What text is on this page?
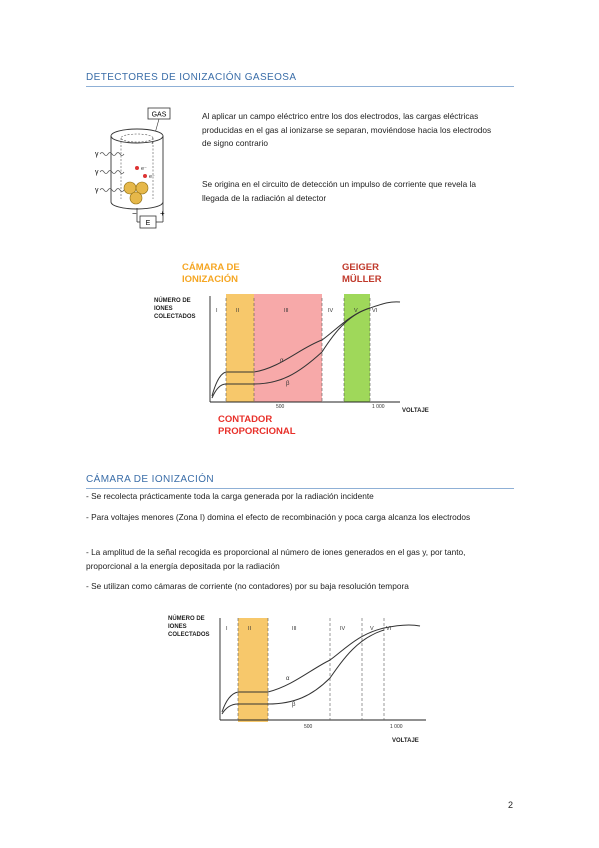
DETECTORES DE IONIZACIÓN GASEOSA
GAS
γ
γ
γ
e⁻
e⁻
E
−	+
Al aplicar un campo eléctrico entre los dos electrodos, las cargas eléctricas producidas en el gas al ionizarse se separan, moviéndose hacia los electrodos de signo contrario
Se origina en el circuito de detección un impulso de corriente que revela la llegada de la radiación al detector
CÁMARA DE IONIZACIÓN
GEIGER MÜLLER
CONTADOR PROPORCIONAL
NÚMERO DE IONES COLECTADOS
VOLTAJE
I	II	III	IV	V	VI
500	1 000
α
β
CÁMARA DE IONIZACIÓN
- Se recolecta prácticamente toda la carga generada por la radiación incidente
- Para voltajes menores (Zona I) domina el efecto de recombinación y poca carga alcanza los electrodos
- La amplitud de la señal recogida es proporcional al número de iones generados en el gas y, por tanto, proporcional a la energía depositada por la radiación
- Se utilizan como cámaras de corriente (no contadores) por su baja resolución tempora
NÚMERO DE IONES COLECTADOS
VOLTAJE
I	II	III	IV	V VI
500	1 000
α
β
2
